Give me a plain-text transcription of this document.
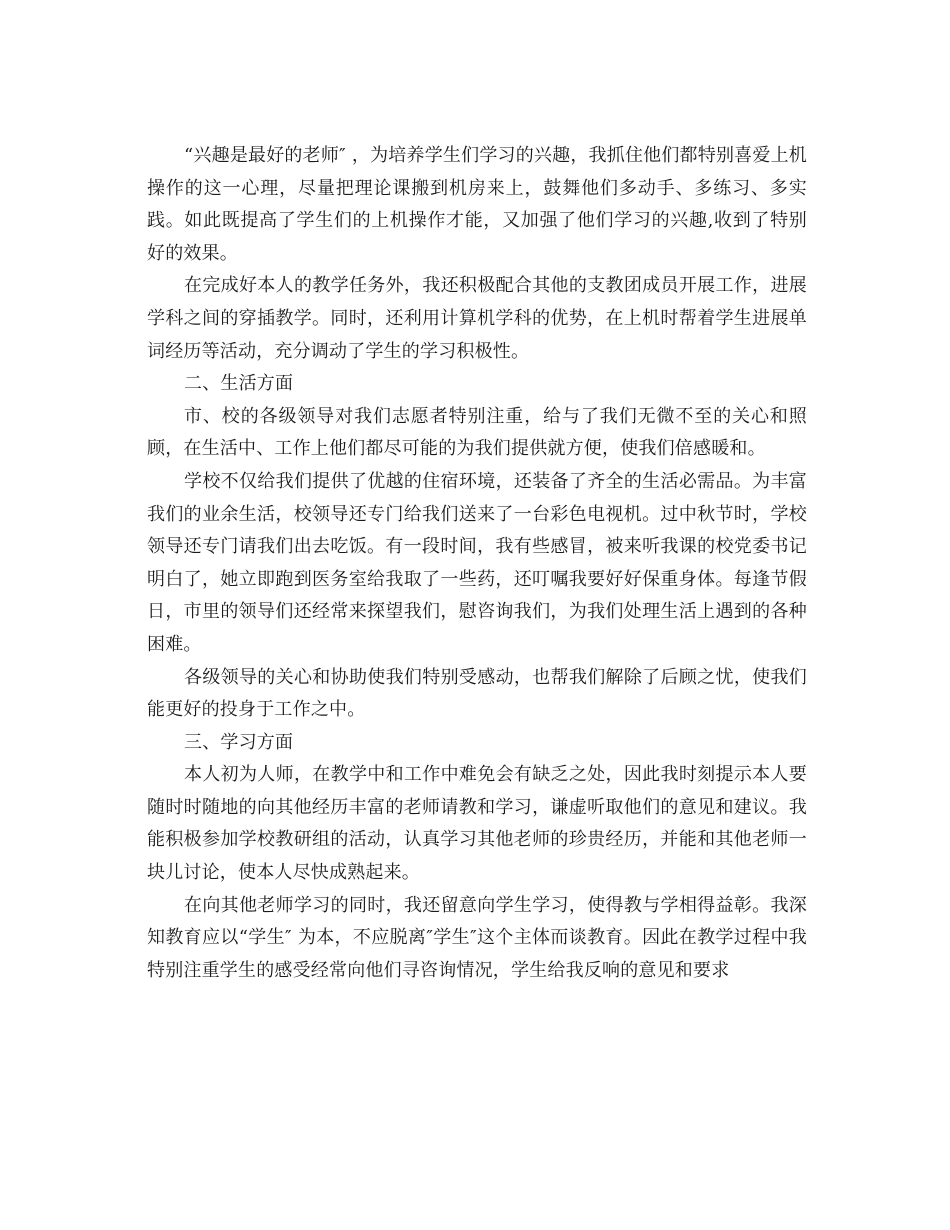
“兴趣是最好的老师″ ，为培养学生们学习的兴趣，我抓住他们都特别喜爱上机操作的这一心理，尽量把理论课搬到机房来上，鼓舞他们多动手、多练习、多实践。如此既提高了学生们的上机操作才能，又加强了他们学习的兴趣,收到了特别好的效果。

在完成好本人的教学任务外，我还积极配合其他的支教团成员开展工作，进展学科之间的穿插教学。同时，还利用计算机学科的优势，在上机时帮着学生进展单词经历等活动，充分调动了学生的学习积极性。

二、生活方面

市、校的各级领导对我们志愿者特别注重，给与了我们无微不至的关心和照顾，在生活中、工作上他们都尽可能的为我们提供就方便，使我们倍感暖和。

学校不仅给我们提供了优越的住宿环境，还装备了齐全的生活必需品。为丰富我们的业余生活，校领导还专门给我们送来了一台彩色电视机。过中秋节时，学校领导还专门请我们出去吃饭。有一段时间，我有些感冒，被来听我课的校党委书记明白了，她立即跑到医务室给我取了一些药，还叮嘱我要好好保重身体。每逢节假日，市里的领导们还经常来探望我们，慰咨询我们，为我们处理生活上遇到的各种困难。

各级领导的关心和协助使我们特别受感动，也帮我们解除了后顾之忧，使我们能更好的投身于工作之中。

三、学习方面

本人初为人师，在教学中和工作中难免会有缺乏之处，因此我时刻提示本人要随时时随地的向其他经历丰富的老师请教和学习，谦虚听取他们的意见和建议。我能积极参加学校教研组的活动，认真学习其他老师的珍贵经历，并能和其他老师一块儿讨论，使本人尽快成熟起来。

在向其他老师学习的同时，我还留意向学生学习，使得教与学相得益彰。我深知教育应以“学生″ 为本，不应脱离″学生″这个主体而谈教育。因此在教学过程中我特别注重学生的感受经常向他们寻咨询情况，学生给我反响的意见和要求
